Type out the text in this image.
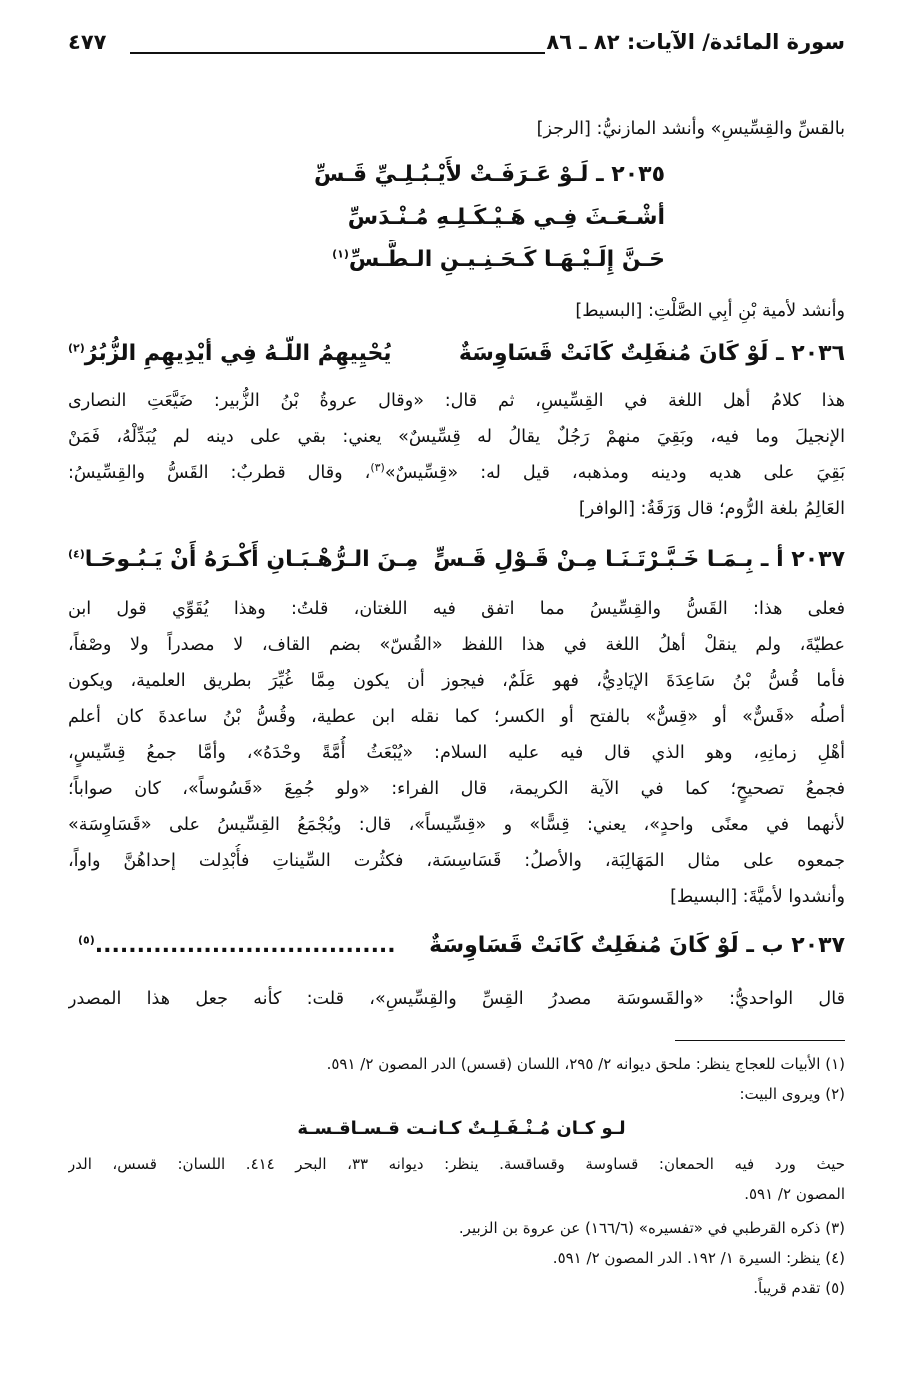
سورة المائدة/ الآيات: ٨٢ ـ ٨٦
٤٧٧
بالقسِّ والقِسِّيسِ» وأنشد المازنيُّ: [الرجز]
٢٠٣٥ ـ لَـوْ عَـرَفَـتْ لأَيْـبُـلِـيِّ قَـسِّ
أشْـعَـثَ فِـي هَـيْـكَـلِـهِ مُـنْـدَسِّ
حَـنَّ إِلَـيْـهَـا كَـحَـنِـيـنِ الـطَّـسِّ$^{(١)}$
وأنشد لأمية بْنِ أبِي الصَّلْتِ: [البسيط]
٢٠٣٦ ـ لَوْ كَانَ مُنفَلِتٌ كَانَتْ قَسَاوِسَةٌ
يُحْيِيهِمُ اللّـهُ فِي أيْدِيهِمِ الزُّبُرُ$^{(٢)}$
هذا كلامُ أهل اللغة في القِسِّيسِ، ثم قال: «وقال عروةُ بْنُ الزُّبير: ضَيَّعَتِ النصارى
الإنجيلَ وما فيه، وبَقِيَ منهمْ رَجُلٌ يقالُ له قِسِّيسٌ» يعني: بقي على دينه لم يُبَدِّلْهُ، فَمَنْ
بَقِيَ على هديه ودينه ومذهبه، قيل له: «قِسِّيسٌ»$^{(٣)}$، وقال قطربٌ: القَسُّ والقِسِّيسُ:
العَالِمُ بلغة الرُّوم؛ قال وَرَقَةُ: [الوافر]
٢٠٣٧ أ ـ بِـمَـا خَـبَّـرْتَـنَـا مِـنْ قَـوْلِ قَـسٍّ
مِـنَ الـرُّهْـبَـانِ أَكْـرَهُ أَنْ يَـبُـوحَـا$^{(٤)}$
فعلى هذا: القَسُّ والقِسِّيسُ مما اتفق فيه اللغتان، قلتُ: وهذا يُقَوِّي قول ابن
عطيّةَ، ولم ينقلْ أهلُ اللغة في هذا اللفظ «القُسّ» بضم القاف، لا مصدراً ولا وصْفاً،
فأما قُسُّ بْنُ سَاعِدَةَ الإيَادِيُّ، فهو عَلَمٌ، فيجوز أن يكون مِمَّا غُيِّرَ بطريق العلمية، ويكون
أصلُه «قَسٌّ» أو «قِسٌّ» بالفتح أو الكسر؛ كما نقله ابن عطية، وقُسُّ بْنُ ساعدةَ كان أعلم
أهْلِ زمانِهِ، وهو الذي قال فيه عليه السلام: «يُبْعَثُ أُمَّةً وحْدَهُ»، وأمَّا جمعُ قِسِّيسٍ،
فجمعُ تصحيحٍ؛ كما في الآية الكريمة، قال الفراء: «ولو جُمِعَ «قَسُوساً»، كان صواباً؛
لأنهما في معنًى واحدٍ»، يعني: قِسًّا» و «قِسِّيساً»، قال: ويُجْمَعُ القِسِّيسُ على «قَسَاوِسَة»
جمعوه على مثال المَهَالِبَة، والأصلُ: قَسَاسِسَة، فكثُرت السِّيناتِ فأُبْدِلت إحداهُنَّ واواً،
وأنشدوا لأميَّةَ: [البسيط]
٢٠٣٧ ب ـ لَوْ كَانَ مُنفَلِتٌ كَانَتْ قَسَاوِسَةٌ
....................................$^{(٥)}$
قال الواحديُّ: «والقَسوسَة مصدرُ القِسِّ والقِسِّيسِ»، قلت: كأنه جعل هذا المصدر
(١) الأبيات للعجاج ينظر: ملحق ديوانه ٢/ ٢٩٥، اللسان (قسس) الدر المصون ٢/ ٥٩١.
(٢) ويروى البيت:
لـو كـان مُـنْـفَـلِـتٌ كـانـت قـسـاقـسـة
حيث ورد فيه الحمعان: قساوسة وقساقسة. ينظر: ديوانه ٣٣، البحر ٤١٤. اللسان: قسس، الدر
المصون ٢/ ٥٩١.
(٣) ذكره القرطبي في «تفسيره» (١٦٦/٦) عن عروة بن الزبير.
(٤) ينظر: السيرة ١/ ١٩٢. الدر المصون ٢/ ٥٩١.
(٥) تقدم قريباً.
